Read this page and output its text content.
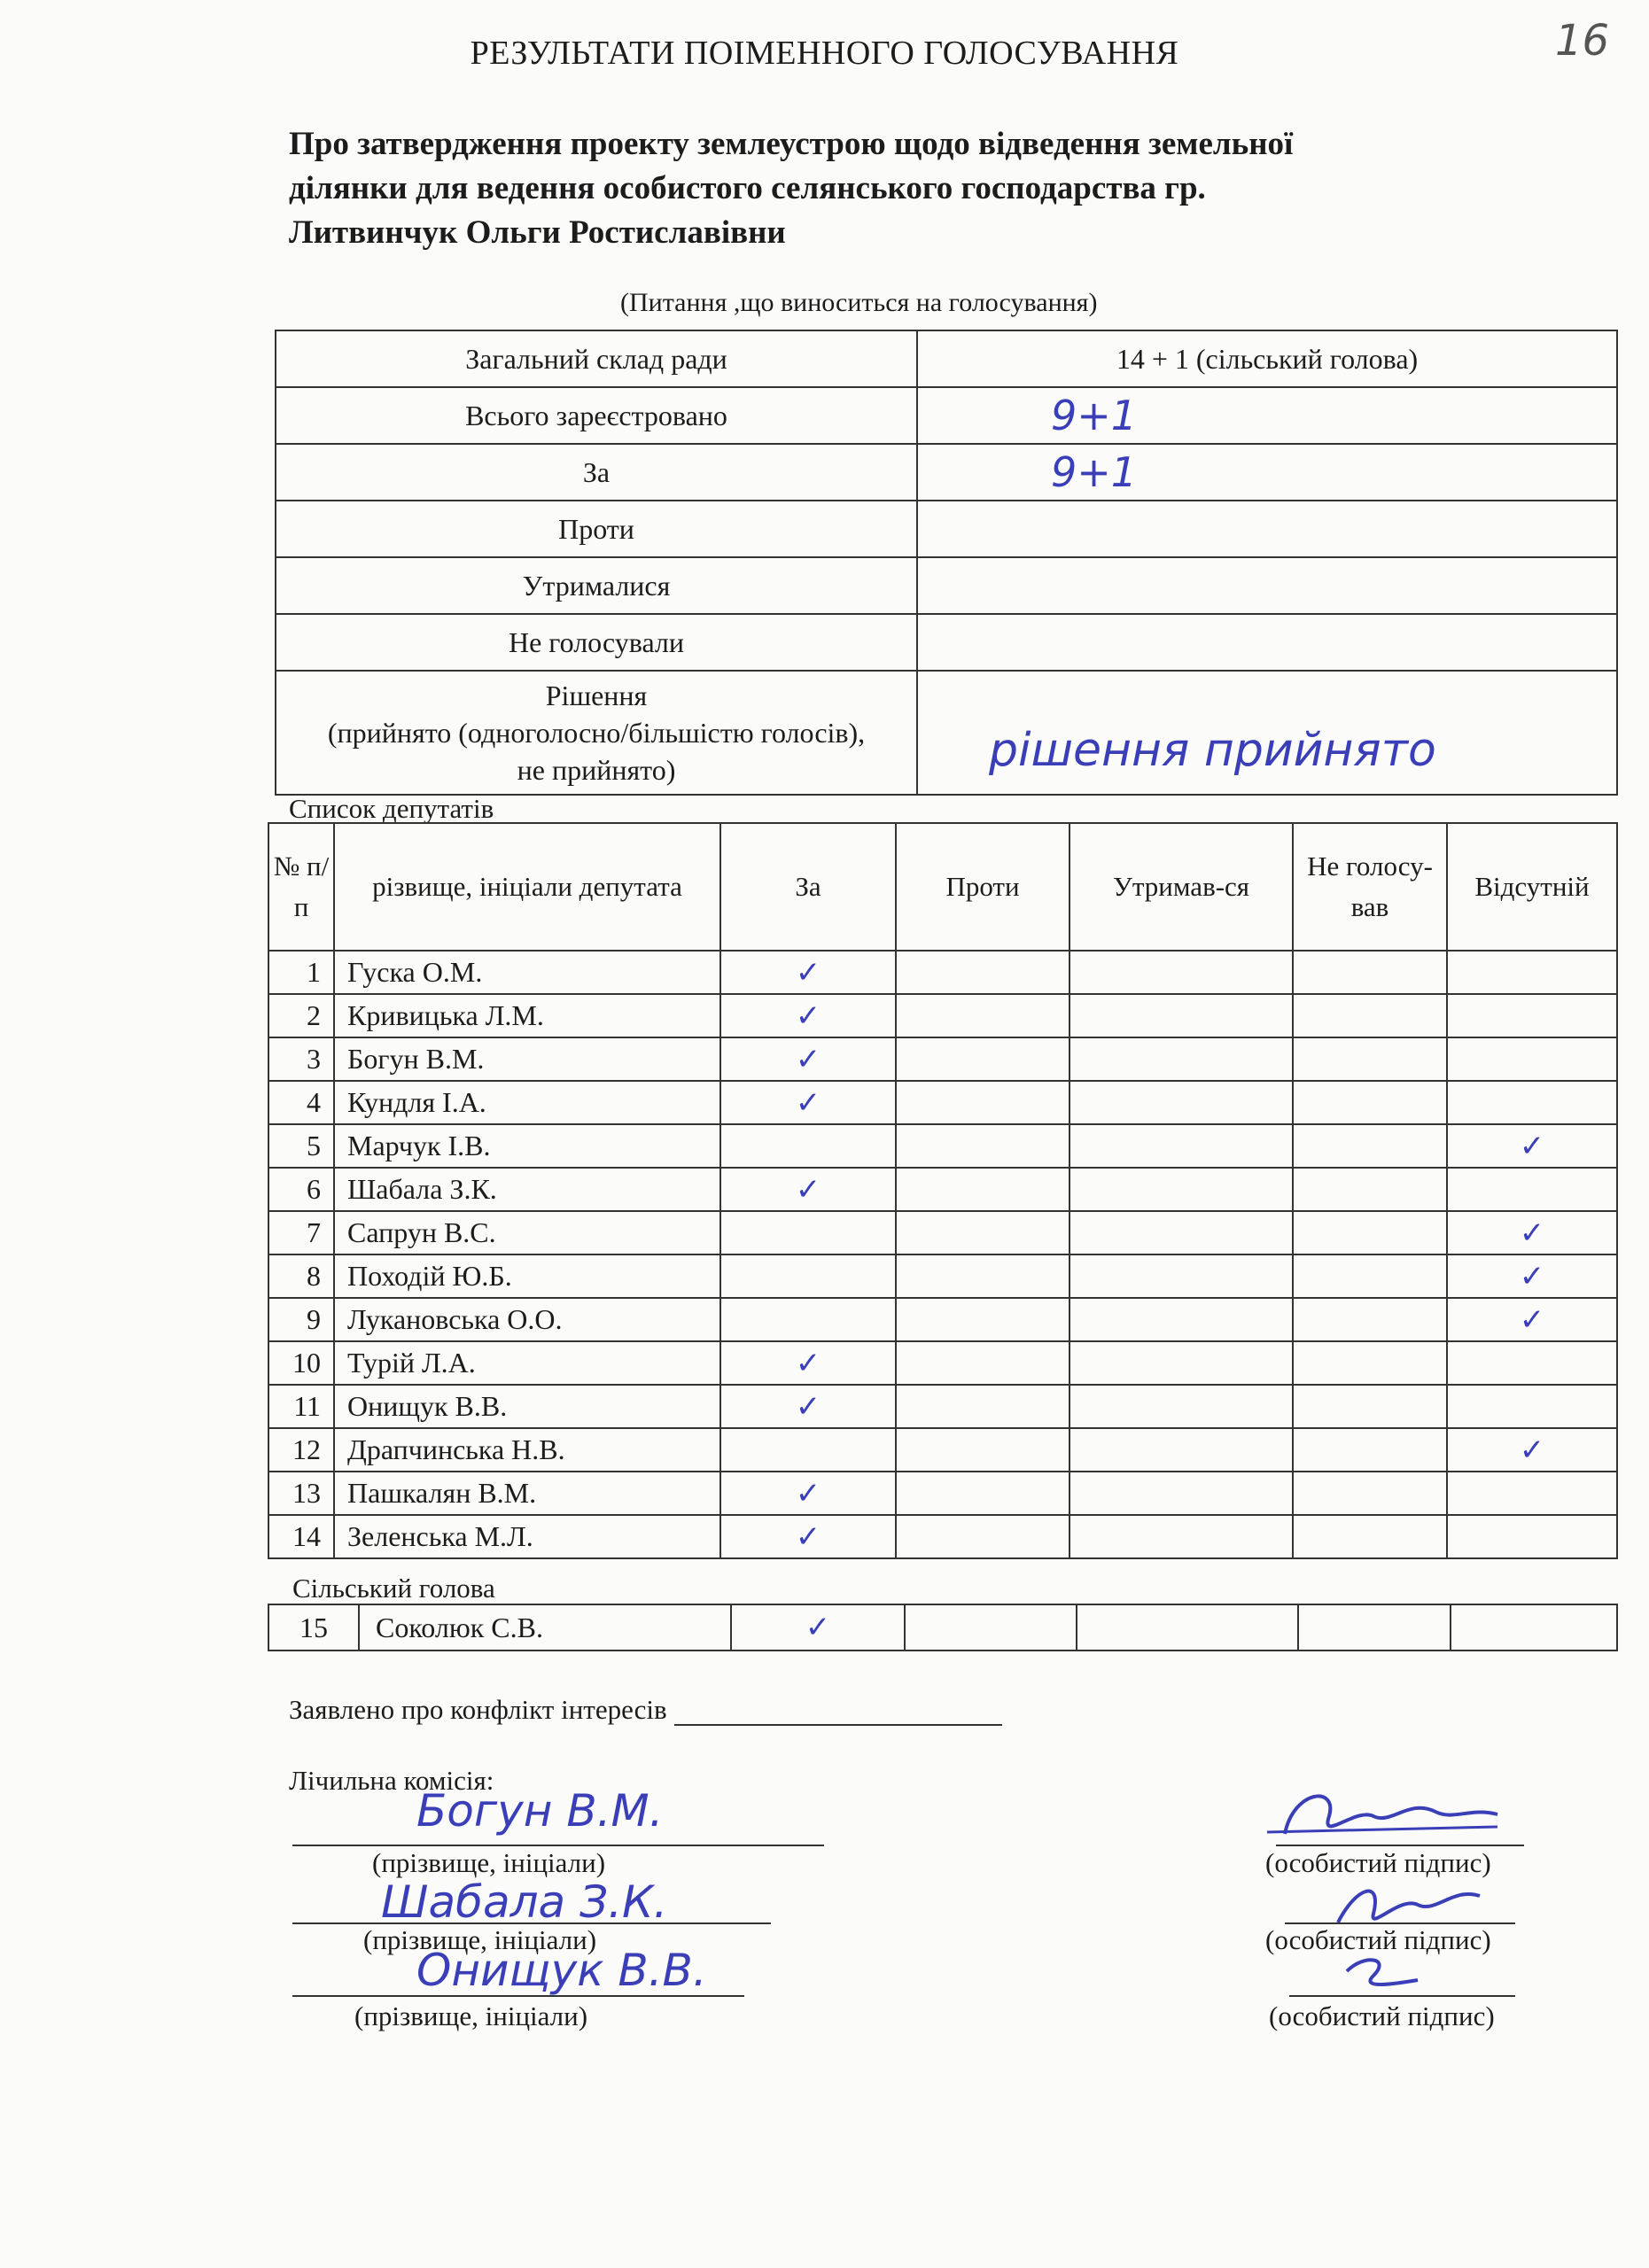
16
РЕЗУЛЬТАТИ ПОІМЕННОГО ГОЛОСУВАННЯ
Про затвердження проекту землеустрою щодо відведення земельної ділянки для ведення особистого селянського господарства гр. Литвинчук Ольги Ростиславівни
(Питання ,що виноситься на голосування)
Загальний склад ради	14 + 1 (сільський голова)
Всього зареєстровано	9+1
За	9+1
Проти	
Утрималися	
Не голосували	

Рішення
(прийнято (одноголосно/більшістю голосів),
не прийнято)	рішення прийнято
Список депутатів
№ п/п	різвище, ініціали депутата	За	Проти	Утримав-ся	Не голосу-вав	Відсутній
1	Гуска О.М.	✓				
2	Кривицька Л.М.	✓				
3	Богун В.М.	✓				
4	Кундля І.А.	✓				
5	Марчук І.В.					✓
6	Шабала З.К.	✓				
7	Сапрун В.С.					✓
8	Походій Ю.Б.					✓
9	Лукановська О.О.					✓
10	Турій Л.А.	✓				
11	Онищук В.В.	✓				
12	Драпчинська Н.В.					✓
13	Пашкалян В.М.	✓				
14	Зеленська М.Л.	✓				
Сільський голова
15	Соколюк С.В.	✓				
Заявлено про конфлікт інтересів
Лічильна комісія:
Богун В.М.
(прізвище, ініціали)
Шабала З.К.
(прізвище, ініціали)
Онищук В.В.
(прізвище, ініціали)
(особистий підпис)
(особистий підпис)
(особистий підпис)
